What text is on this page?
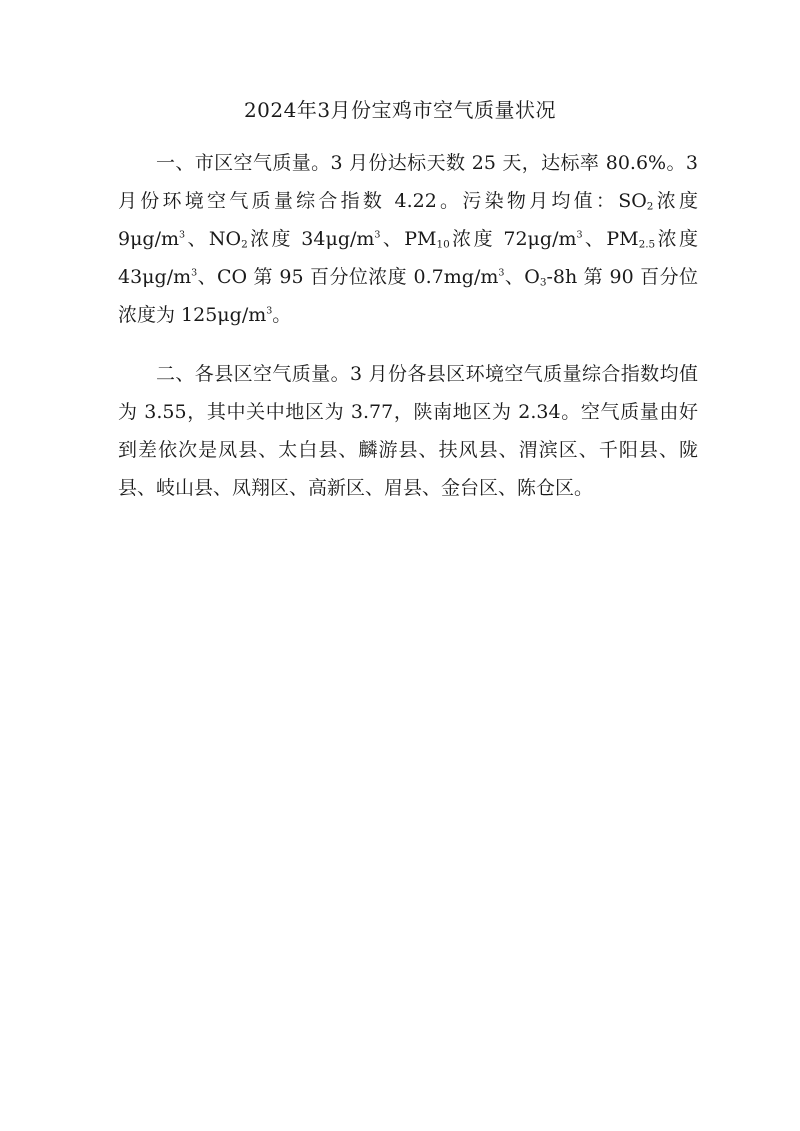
2024年3月份宝鸡市空气质量状况

一、市区空气质量。3 月份达标天数 25 天，达标率 80.6%。3 月份环境空气质量综合指数 4.22。污染物月均值：$SO_2$浓度 $9\mu g/m^3$、$NO_2$浓度 $34\mu g/m^3$、$PM_{10}$浓度 $72\mu g/m^3$、$PM_{2.5}$浓度 $43\mu g/m^3$、CO 第 95 百分位浓度 $0.7mg/m^3$、$O_3-8h$ 第 90 百分位浓度为 $125\mu g/m^3$。

二、各县区空气质量。3 月份各县区环境空气质量综合指数均值为 3.55，其中关中地区为 3.77，陕南地区为 2.34。空气质量由好到差依次是凤县、太白县、麟游县、扶风县、渭滨区、千阳县、陇县、岐山县、凤翔区、高新区、眉县、金台区、陈仓区。
